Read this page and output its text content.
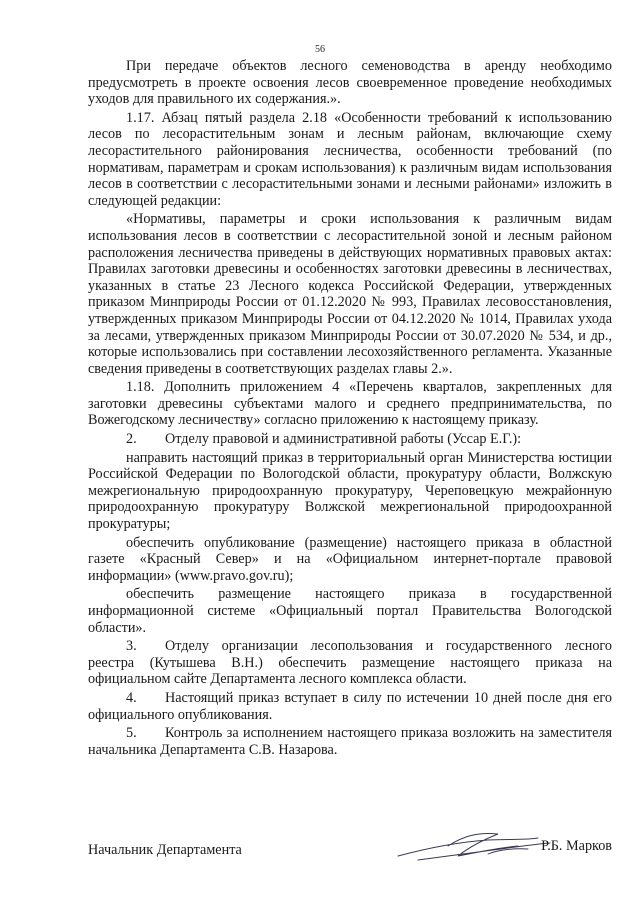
56

При передаче объектов лесного семеноводства в аренду необходимо предусмотреть в проекте освоения лесов своевременное проведение необходимых уходов для правильного их содержания.».

1.17. Абзац пятый раздела 2.18 «Особенности требований к использованию лесов по лесорастительным зонам и лесным районам, включающие схему лесорастительного районирования лесничества, особенности требований (по нормативам, параметрам и срокам использования) к различным видам использования лесов в соответствии с лесорастительными зонами и лесными районами» изложить в следующей редакции:

«Нормативы, параметры и сроки использования к различным видам использования лесов в соответствии с лесорастительной зоной и лесным районом расположения лесничества приведены в действующих нормативных правовых актах: Правилах заготовки древесины и особенностях заготовки древесины в лесничествах, указанных в статье 23 Лесного кодекса Российской Федерации, утвержденных приказом Минприроды России от 01.12.2020 № 993, Правилах лесовосстановления, утвержденных приказом Минприроды России от 04.12.2020 № 1014, Правилах ухода за лесами, утвержденных приказом Минприроды России от 30.07.2020 № 534, и др., которые использовались при составлении лесохозяйственного регламента. Указанные сведения приведены в соответствующих разделах главы 2.».

1.18. Дополнить приложением 4 «Перечень кварталов, закрепленных для заготовки древесины субъектами малого и среднего предпринимательства, по Вожегодскому лесничеству» согласно приложению к настоящему приказу.

2.  Отделу правовой и административной работы (Уссар Е.Г.):

направить настоящий приказ в территориальный орган Министерства юстиции Российской Федерации по Вологодской области, прокуратуру области, Волжскую межрегиональную природоохранную прокуратуру, Череповецкую межрайонную природоохранную прокуратуру Волжской межрегиональной природоохранной прокуратуры;

обеспечить опубликование (размещение) настоящего приказа в областной газете «Красный Север» и на «Официальном интернет-портале правовой информации» (www.pravo.gov.ru);

обеспечить размещение настоящего приказа в государственной информационной системе «Официальный портал Правительства Вологодской области».

3.  Отделу организации лесопользования и государственного лесного реестра (Кутышева В.Н.) обеспечить размещение настоящего приказа на официальном сайте Департамента лесного комплекса области.

4.  Настоящий приказ вступает в силу по истечении 10 дней после дня его официального опубликования.

5.  Контроль за исполнением настоящего приказа возложить на заместителя начальника Департамента С.В. Назарова.

Начальник Департамента	Р.Б. Марков
